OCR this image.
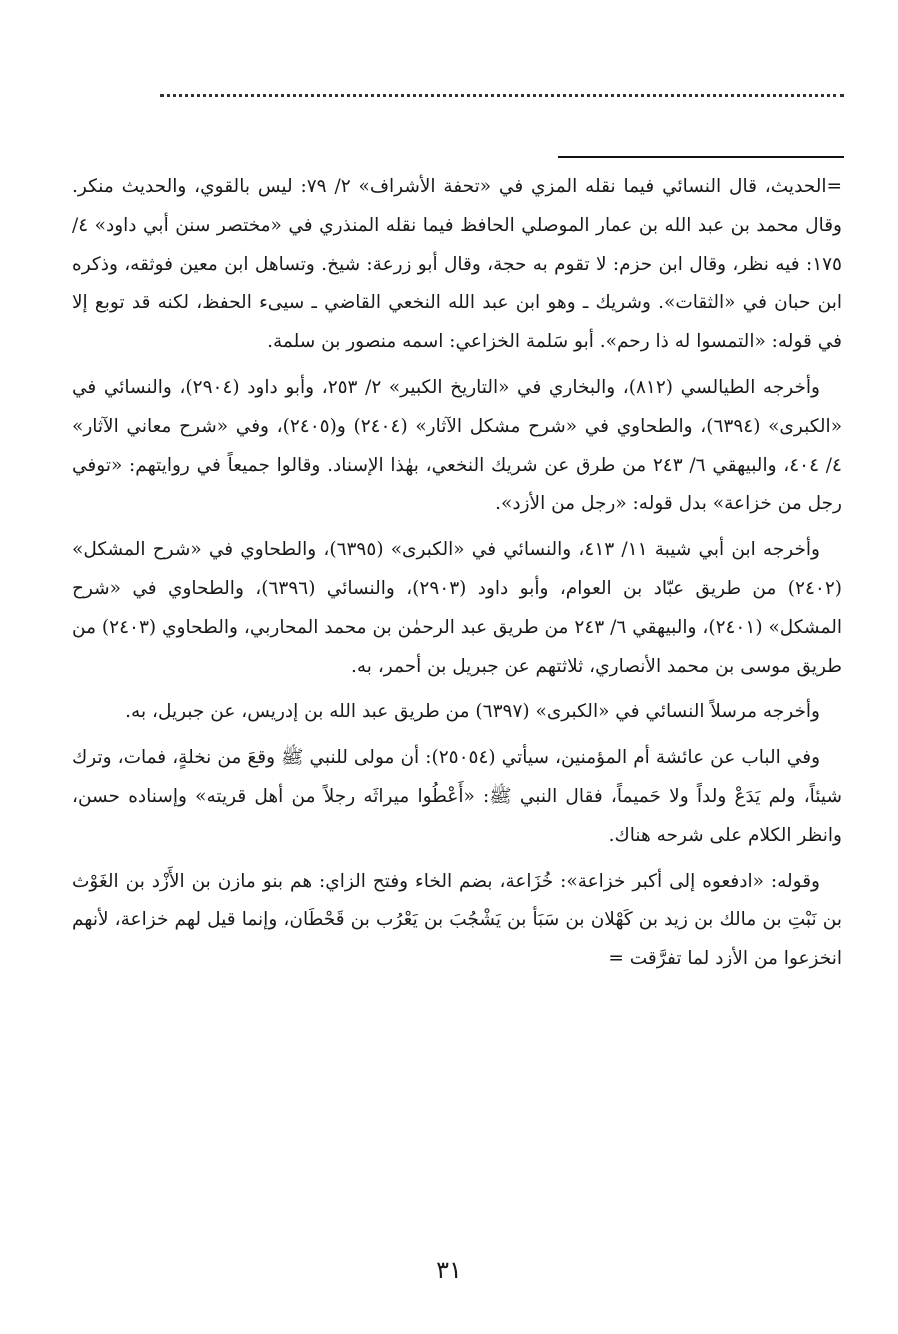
=الحديث، قال النسائي فيما نقله المزي في «تحفة الأشراف» ٢/ ٧٩: ليس بالقوي، والحديث منكر. وقال محمد بن عبد الله بن عمار الموصلي الحافظ فيما نقله المنذري في «مختصر سنن أبي داود» ٤/ ١٧٥: فيه نظر، وقال ابن حزم: لا تقوم به حجة، وقال أبو زرعة: شيخ. وتساهل ابن معين فوثقه، وذكره ابن حبان في «الثقات». وشريك ـ وهو ابن عبد الله النخعي القاضي ـ سيىء الحفظ، لكنه قد توبع إلا في قوله: «التمسوا له ذا رحم». أبو سَلمة الخزاعي: اسمه منصور بن سلمة.

وأخرجه الطيالسي (٨١٢)، والبخاري في «التاريخ الكبير» ٢/ ٢٥٣، وأبو داود (٢٩٠٤)، والنسائي في «الكبرى» (٦٣٩٤)، والطحاوي في «شرح مشكل الآثار» (٢٤٠٤) و(٢٤٠٥)، وفي «شرح معاني الآثار» ٤/ ٤٠٤، والبيهقي ٦/ ٢٤٣ من طرق عن شريك النخعي، بهٰذا الإسناد. وقالوا جميعاً في روايتهم: «توفي رجل من خزاعة» بدل قوله: «رجل من الأزد».

وأخرجه ابن أبي شيبة ١١/ ٤١٣، والنسائي في «الكبرى» (٦٣٩٥)، والطحاوي في «شرح المشكل» (٢٤٠٢) من طريق عبّاد بن العوام، وأبو داود (٢٩٠٣)، والنسائي (٦٣٩٦)، والطحاوي في «شرح المشكل» (٢٤٠١)، والبيهقي ٦/ ٢٤٣ من طريق عبد الرحمٰن بن محمد المحاربي، والطحاوي (٢٤٠٣) من طريق موسى بن محمد الأنصاري، ثلاثتهم عن جبريل بن أحمر، به.

وأخرجه مرسلاً النسائي في «الكبرى» (٦٣٩٧) من طريق عبد الله بن إدريس، عن جبريل، به.

وفي الباب عن عائشة أم المؤمنين، سيأتي (٢٥٠٥٤): أن مولى للنبي ﷺ وقعَ من نخلةٍ، فمات، وترك شيئاً، ولم يَدَعْ ولداً ولا حَميماً، فقال النبي ﷺ: «أَعْطُوا ميراثَه رجلاً من أهل قريته» وإسناده حسن، وانظر الكلام على شرحه هناك.

وقوله: «ادفعوه إلى أكبر خزاعة»: خُزَاعة، بضم الخاء وفتح الزاي: هم بنو مازن بن الأَزْد بن الغَوْث بن نَبْتِ بن مالك بن زيد بن كَهْلان بن سَبَأ بن يَشْجُبَ بن يَعْرُب بن قَحْطَان، وإنما قيل لهم خزاعة، لأنهم انخزعوا من الأزد لما تفرَّقت =

٣١
